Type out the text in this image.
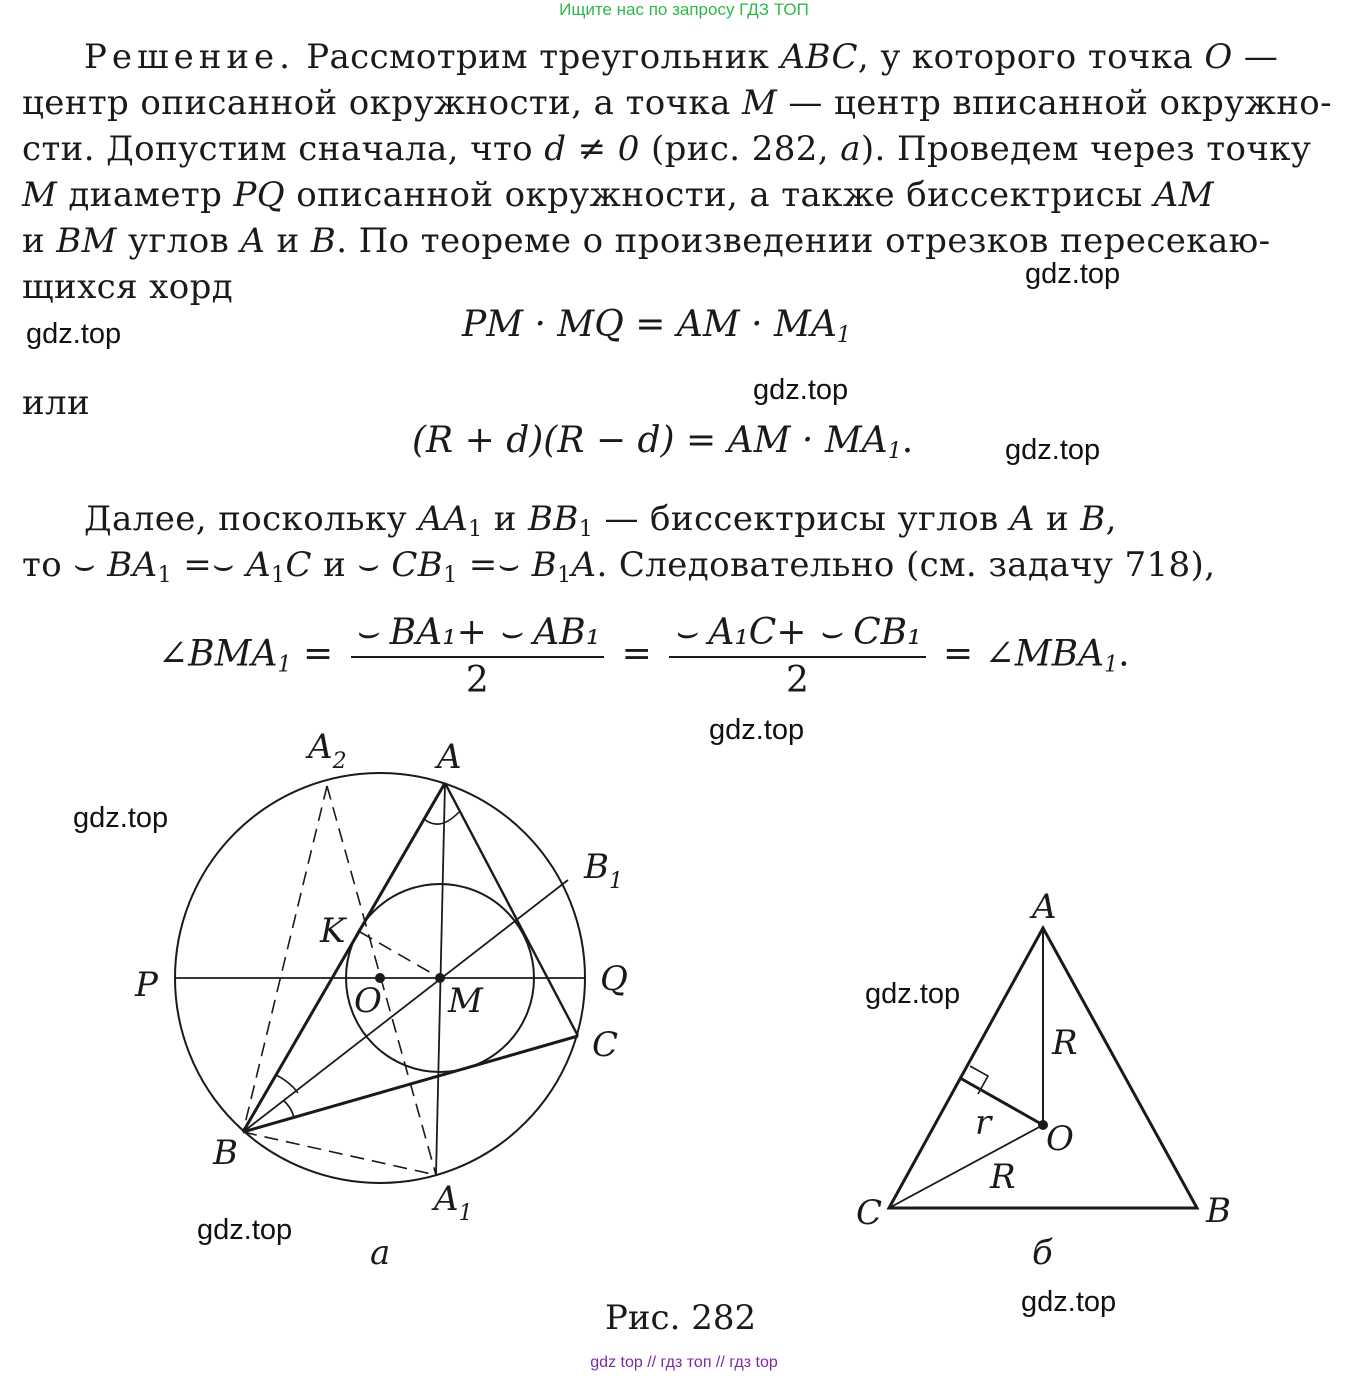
Ищите нас по запросу ГДЗ ТОП
Решение. Рассмотрим треугольник ABC, у которого точка O —
центр описанной окружности, а точка M — центр вписанной окружно-
сти. Допустим сначала, что d ≠ 0 (рис. 282, a). Проведем через точку
M диаметр PQ описанной окружности, а также биссектрисы AM
и BM углов A и B. По теореме о произведении отрезков пересекаю-
щихся хорд
PM · MQ = AM · $MA_1$
или
(R + d)(R − d) = AM · $MA_1$.
Далее, поскольку $AA_1$ и $BB_1$ — биссектрисы углов A и B,
то ⌣ $BA_1$ =⌣ $A_1C$ и ⌣ $CB_1$ =⌣ $B_1A$. Следовательно (см. задачу 718),
$\angle BMA_1 = \frac{\text{⌣ BA₁+ ⌣ AB₁}}{2} = \frac{\text{⌣ A₁C+ ⌣ CB₁}}{2}$ = $\angle MBA_1$.
$A_2$	A
$B_1$
K
P	O M
Q
C
B
$A_1$
a
A
R
r O
R
C	B
б
Рис. 282
gdz.top
gdz.top
gdz.top
gdz.top
gdz.top
gdz.top
gdz.top
gdz.top
gdz.top
gdz top // гдз топ // гдз top
